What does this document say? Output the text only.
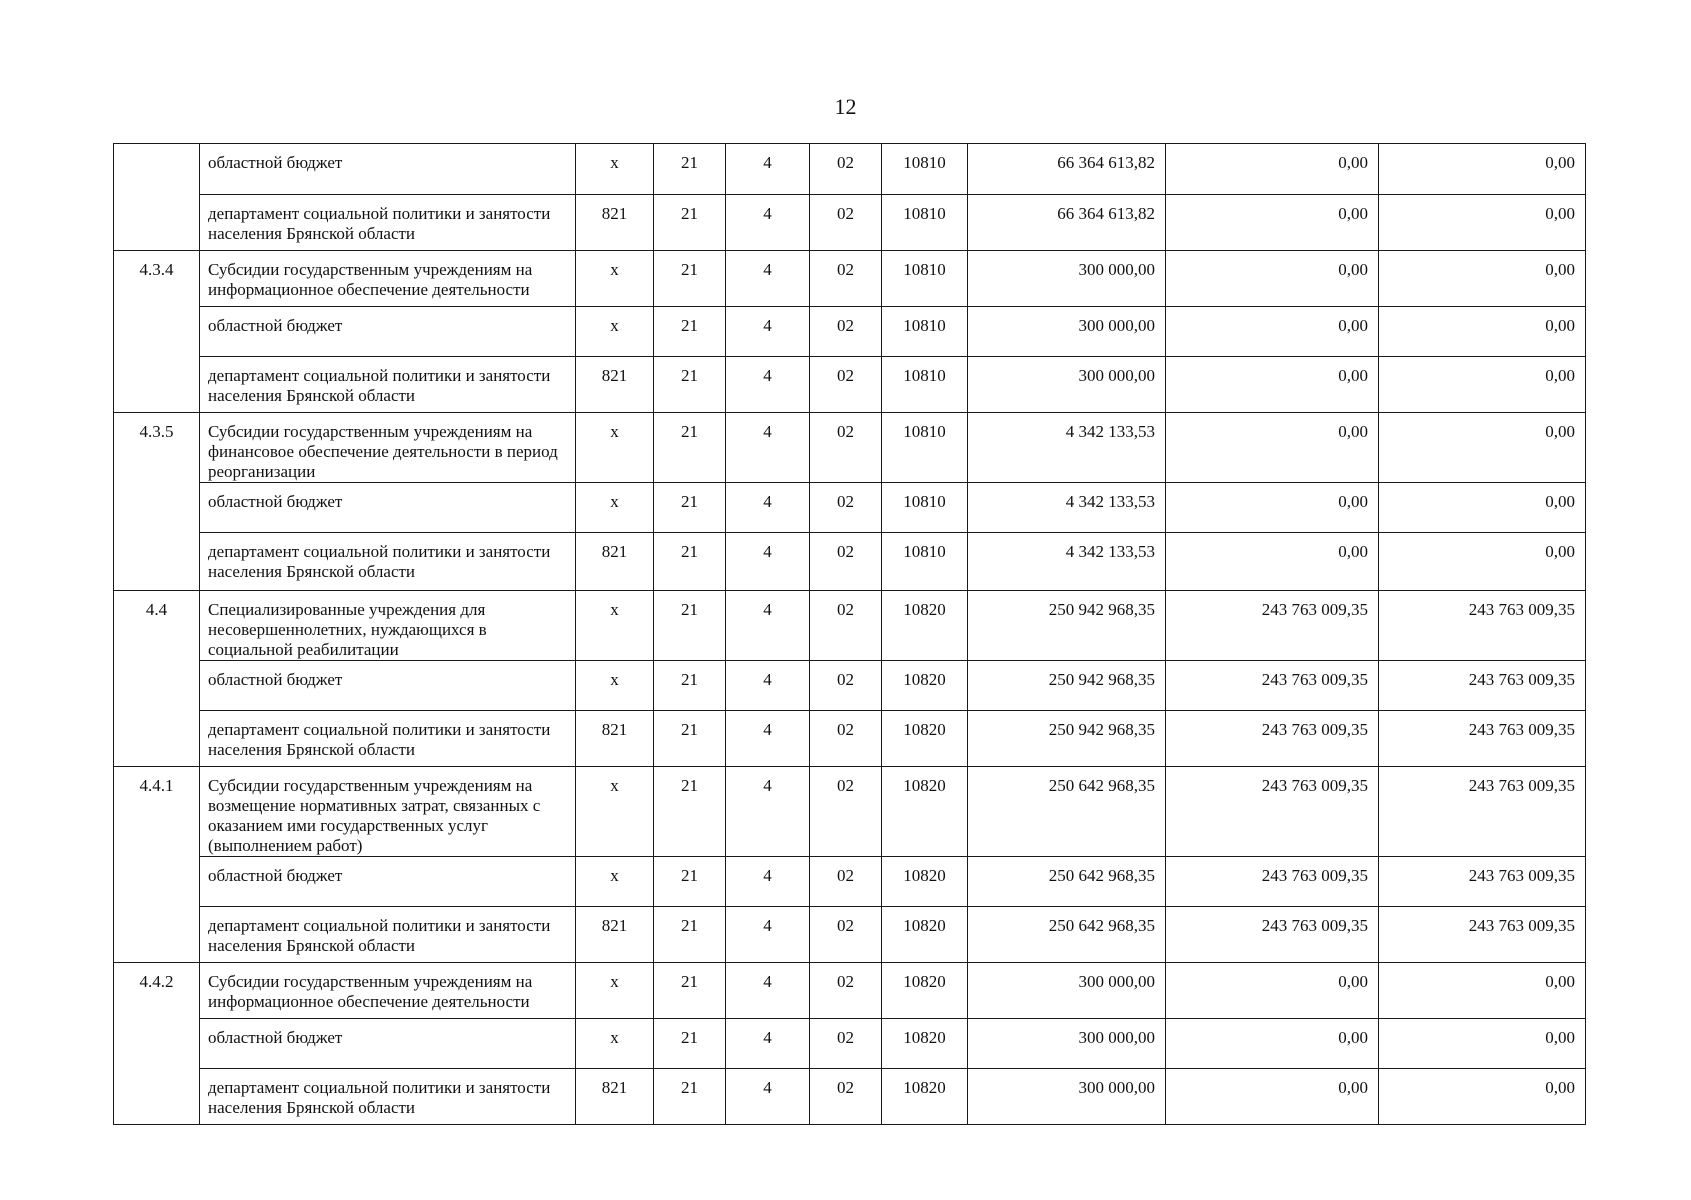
12
	областной бюджет	х	21	4	02	10810	66 364 613,82	0,00	0,00
	департамент социальной политики и занятости населения Брянской области	821	21	4	02	10810	66 364 613,82	0,00	0,00
4.3.4	Субсидии государственным учреждениям на информационное обеспечение деятельности	х	21	4	02	10810	300 000,00	0,00	0,00
	областной бюджет	х	21	4	02	10810	300 000,00	0,00	0,00
	департамент социальной политики и занятости населения Брянской области	821	21	4	02	10810	300 000,00	0,00	0,00
4.3.5	Субсидии государственным учреждениям на финансовое обеспечение деятельности в период реорганизации	х	21	4	02	10810	4 342 133,53	0,00	0,00
	областной бюджет	х	21	4	02	10810	4 342 133,53	0,00	0,00
	департамент социальной политики и занятости населения Брянской области	821	21	4	02	10810	4 342 133,53	0,00	0,00
4.4	Специализированные учреждения для несовершеннолетних, нуждающихся в социальной реабилитации	х	21	4	02	10820	250 942 968,35	243 763 009,35	243 763 009,35
	областной бюджет	х	21	4	02	10820	250 942 968,35	243 763 009,35	243 763 009,35
	департамент социальной политики и занятости населения Брянской области	821	21	4	02	10820	250 942 968,35	243 763 009,35	243 763 009,35
4.4.1	Субсидии государственным учреждениям на возмещение нормативных затрат, связанных с оказанием ими государственных услуг (выполнением работ)	х	21	4	02	10820	250 642 968,35	243 763 009,35	243 763 009,35
	областной бюджет	х	21	4	02	10820	250 642 968,35	243 763 009,35	243 763 009,35
	департамент социальной политики и занятости населения Брянской области	821	21	4	02	10820	250 642 968,35	243 763 009,35	243 763 009,35
4.4.2	Субсидии государственным учреждениям на информационное обеспечение деятельности	х	21	4	02	10820	300 000,00	0,00	0,00
	областной бюджет	х	21	4	02	10820	300 000,00	0,00	0,00
	департамент социальной политики и занятости населения Брянской области	821	21	4	02	10820	300 000,00	0,00	0,00
